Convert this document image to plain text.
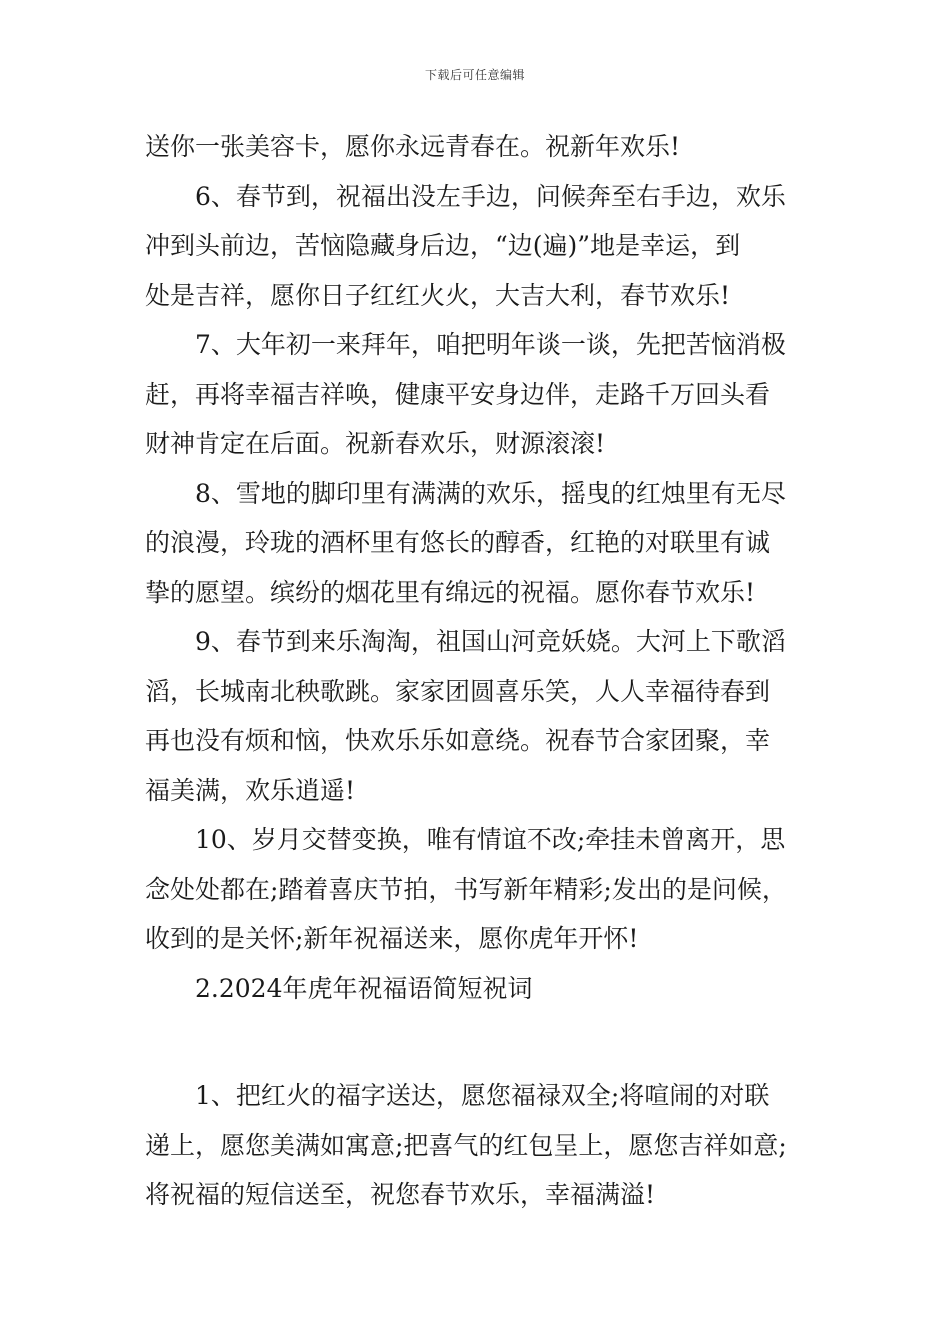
下载后可任意编辑
送你一张美容卡，愿你永远青春在。祝新年欢乐!
6、春节到，祝福出没左手边，问候奔至右手边，欢乐
冲到头前边，苦恼隐藏身后边，“边(遍)”地是幸运，到
处是吉祥，愿你日子红红火火，大吉大利，春节欢乐!
7、大年初一来拜年，咱把明年谈一谈，先把苦恼消极
赶，再将幸福吉祥唤，健康平安身边伴，走路千万回头看
财神肯定在后面。祝新春欢乐，财源滚滚!
8、雪地的脚印里有满满的欢乐，摇曳的红烛里有无尽
的浪漫，玲珑的酒杯里有悠长的醇香，红艳的对联里有诚
挚的愿望。缤纷的烟花里有绵远的祝福。愿你春节欢乐!
9、春节到来乐淘淘，祖国山河竞妖娆。大河上下歌滔
滔，长城南北秧歌跳。家家团圆喜乐笑，人人幸福待春到
再也没有烦和恼，快欢乐乐如意绕。祝春节合家团聚，幸
福美满，欢乐逍遥!
10、岁月交替变换，唯有情谊不改;牵挂未曾离开，思
念处处都在;踏着喜庆节拍，书写新年精彩;发出的是问候，
收到的是关怀;新年祝福送来，愿你虎年开怀!
2.2024年虎年祝福语简短祝词
1、把红火的福字送达，愿您福禄双全;将喧闹的对联
递上，愿您美满如寓意;把喜气的红包呈上，愿您吉祥如意;
将祝福的短信送至，祝您春节欢乐，幸福满溢!
